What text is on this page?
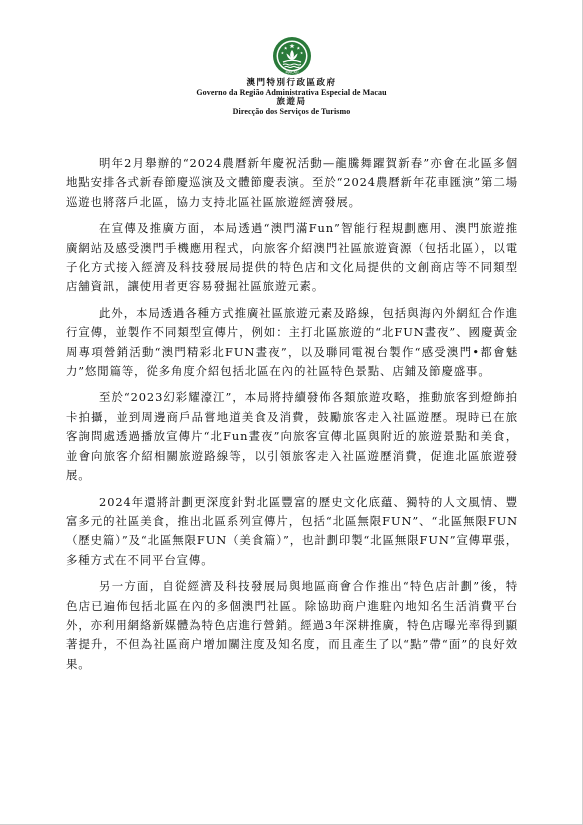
MACAU
澳門特別行政區政府
Governo da Região Administrativa Especial de Macau
旅遊局
Direcção dos Serviços de Turismo

明年2月舉辦的“2024農曆新年慶祝活動—龍騰舞躍賀新春”亦會在北區多個地點安排各式新春節慶巡演及文體節慶表演。至於“2024農曆新年花車匯演”第二場巡遊也將落戶北區，協力支持北區社區旅遊經濟發展。

在宣傳及推廣方面，本局透過“澳門滿Fun”智能行程規劃應用、澳門旅遊推廣網站及感受澳門手機應用程式，向旅客介紹澳門社區旅遊資源（包括北區），以電子化方式接入經濟及科技發展局提供的特色店和文化局提供的文創商店等不同類型店舖資訊，讓使用者更容易發掘社區旅遊元素。

此外，本局透過各種方式推廣社區旅遊元素及路線，包括與海內外網紅合作進行宣傳，並製作不同類型宣傳片，例如：主打北區旅遊的“北FUN晝夜”、國慶黃金周專項營銷活動“澳門精彩北FUN晝夜”，以及聯同電視台製作“感受澳門•都會魅力”悠閒篇等，從多角度介紹包括北區在內的社區特色景點、店鋪及節慶盛事。

至於“2023幻彩耀濠江”，本局將持續發佈各類旅遊攻略，推動旅客到燈飾拍卡拍攝，並到周邊商戶品嘗地道美食及消費，鼓勵旅客走入社區遊歷。現時已在旅客詢問處透過播放宣傳片“北Fun晝夜”向旅客宣傳北區與附近的旅遊景點和美食，並會向旅客介紹相關旅遊路線等，以引領旅客走入社區遊歷消費，促進北區旅遊發展。

2024年還將計劃更深度針對北區豐富的歷史文化底蘊、獨特的人文風情、豐富多元的社區美食，推出北區系列宣傳片，包括“北區無限FUN”、“北區無限FUN（歷史篇）”及“北區無限FUN（美食篇）”，也計劃印製“北區無限FUN”宣傳單張，多種方式在不同平台宣傳。

另一方面，自從經濟及科技發展局與地區商會合作推出“特色店計劃”後，特色店已遍佈包括北區在內的多個澳門社區。除協助商户進駐內地知名生活消費平台外，亦利用網絡新媒體為特色店進行營銷。經過3年深耕推廣，特色店曝光率得到顯著提升，不但為社區商户增加關注度及知名度，而且產生了以“點”帶“面”的良好效果。
